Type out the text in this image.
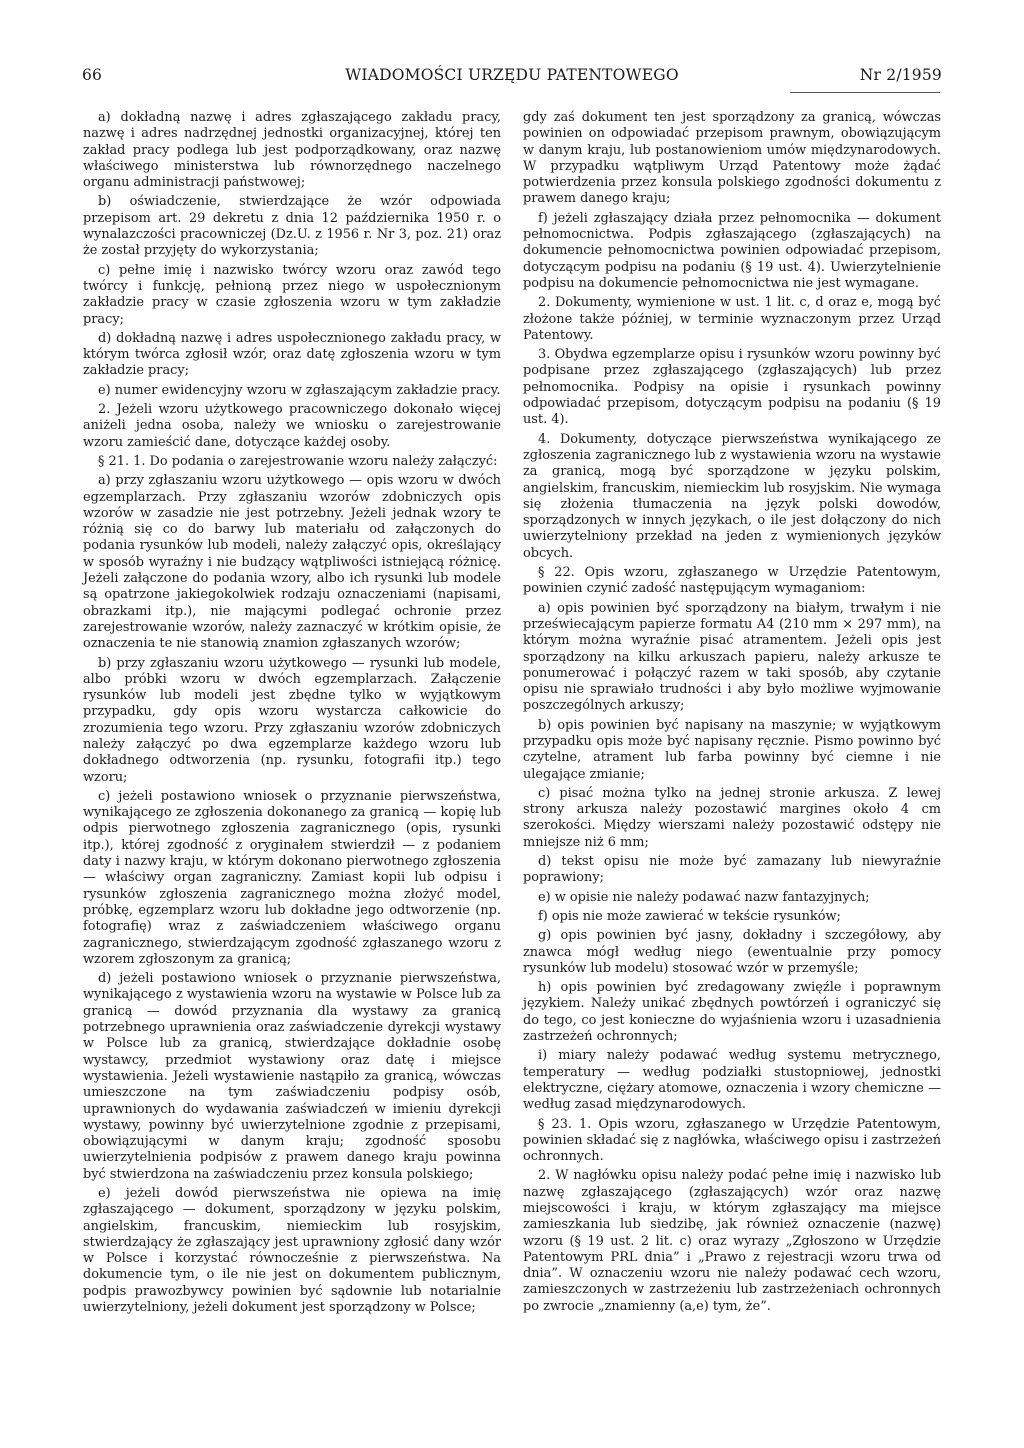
66	WIADOMOŚCI URZĘDU PATENTOWEGO	Nr 2/1959

a) dokładną nazwę i adres zgłaszającego zakładu pracy, nazwę i adres nadrzędnej jednostki organizacyjnej, której ten zakład pracy podlega lub jest podporządkowany, oraz nazwę właściwego ministerstwa lub równorzędnego naczelnego organu administracji państwowej;

b) oświadczenie, stwierdzające że wzór odpowiada przepisom art. 29 dekretu z dnia 12 października 1950 r. o wynalazczości pracowniczej (Dz.U. z 1956 r. Nr 3, poz. 21) oraz że został przyjęty do wykorzystania;

c) pełne imię i nazwisko twórcy wzoru oraz zawód tego twórcy i funkcję, pełnioną przez niego w uspołecznionym zakładzie pracy w czasie zgłoszenia wzoru w tym zakładzie pracy;

d) dokładną nazwę i adres uspołecznionego zakładu pracy, w którym twórca zgłosił wzór, oraz datę zgłoszenia wzoru w tym zakładzie pracy;

e) numer ewidencyjny wzoru w zgłaszającym zakładzie pracy.

2. Jeżeli wzoru użytkowego pracowniczego dokonało więcej aniżeli jedna osoba, należy we wniosku o zarejestrowanie wzoru zamieścić dane, dotyczące każdej osoby.

§ 21. 1. Do podania o zarejestrowanie wzoru należy załączyć:

a) przy zgłaszaniu wzoru użytkowego — opis wzoru w dwóch egzemplarzach. Przy zgłaszaniu wzorów zdobniczych opis wzorów w zasadzie nie jest potrzebny. Jeżeli jednak wzory te różnią się co do barwy lub materiału od załączonych do podania rysunków lub modeli, należy załączyć opis, określający w sposób wyraźny i nie budzący wątpliwości istniejącą różnicę. Jeżeli załączone do podania wzory, albo ich rysunki lub modele są opatrzone jakiegokolwiek rodzaju oznaczeniami (napisami, obrazkami itp.), nie mającymi podlegać ochronie przez zarejestrowanie wzorów, należy zaznaczyć w krótkim opisie, że oznaczenia te nie stanowią znamion zgłaszanych wzorów;

b) przy zgłaszaniu wzoru użytkowego — rysunki lub modele, albo próbki wzoru w dwóch egzemplarzach. Załączenie rysunków lub modeli jest zbędne tylko w wyjątkowym przypadku, gdy opis wzoru wystarcza całkowicie do zrozumienia tego wzoru. Przy zgłaszaniu wzorów zdobniczych należy załączyć po dwa egzemplarze każdego wzoru lub dokładnego odtworzenia (np. rysunku, fotografii itp.) tego wzoru;

c) jeżeli postawiono wniosek o przyznanie pierwszeństwa, wynikającego ze zgłoszenia dokonanego za granicą — kopię lub odpis pierwotnego zgłoszenia zagranicznego (opis, rysunki itp.), której zgodność z oryginałem stwierdził — z podaniem daty i nazwy kraju, w którym dokonano pierwotnego zgłoszenia — właściwy organ zagraniczny. Zamiast kopii lub odpisu i rysunków zgłoszenia zagranicznego można złożyć model, próbkę, egzemplarz wzoru lub dokładne jego odtworzenie (np. fotografię) wraz z zaświadczeniem właściwego organu zagranicznego, stwierdzającym zgodność zgłaszanego wzoru z wzorem zgłoszonym za granicą;

d) jeżeli postawiono wniosek o przyznanie pierwszeństwa, wynikającego z wystawienia wzoru na wystawie w Polsce lub za granicą — dowód przyznania dla wystawy za granicą potrzebnego uprawnienia oraz zaświadczenie dyrekcji wystawy w Polsce lub za granicą, stwierdzające dokładnie osobę wystawcy, przedmiot wystawiony oraz datę i miejsce wystawienia. Jeżeli wystawienie nastąpiło za granicą, wówczas umieszczone na tym zaświadczeniu podpisy osób, uprawnionych do wydawania zaświadczeń w imieniu dyrekcji wystawy, powinny być uwierzytelnione zgodnie z przepisami, obowiązującymi w danym kraju; zgodność sposobu uwierzytelnienia podpisów z prawem danego kraju powinna być stwierdzona na zaświadczeniu przez konsula polskiego;

e) jeżeli dowód pierwszeństwa nie opiewa na imię zgłaszającego — dokument, sporządzony w języku polskim, angielskim, francuskim, niemieckim lub rosyjskim, stwierdzający że zgłaszający jest uprawniony zgłosić dany wzór w Polsce i korzystać równocześnie z pierwszeństwa. Na dokumencie tym, o ile nie jest on dokumentem publicznym, podpis prawozbywcy powinien być sądownie lub notarialnie uwierzytelniony, jeżeli dokument jest sporządzony w Polsce;

gdy zaś dokument ten jest sporządzony za granicą, wówczas powinien on odpowiadać przepisom prawnym, obowiązującym w danym kraju, lub postanowieniom umów międzynarodowych. W przypadku wątpliwym Urząd Patentowy może żądać potwierdzenia przez konsula polskiego zgodności dokumentu z prawem danego kraju;

f) jeżeli zgłaszający działa przez pełnomocnika — dokument pełnomocnictwa. Podpis zgłaszającego (zgłaszających) na dokumencie pełnomocnictwa powinien odpowiadać przepisom, dotyczącym podpisu na podaniu (§ 19 ust. 4). Uwierzytelnienie podpisu na dokumencie pełnomocnictwa nie jest wymagane.

2. Dokumenty, wymienione w ust. 1 lit. c, d oraz e, mogą być złożone także później, w terminie wyznaczonym przez Urząd Patentowy.

3. Obydwa egzemplarze opisu i rysunków wzoru powinny być podpisane przez zgłaszającego (zgłaszających) lub przez pełnomocnika. Podpisy na opisie i rysunkach powinny odpowiadać przepisom, dotyczącym podpisu na podaniu (§ 19 ust. 4).

4. Dokumenty, dotyczące pierwszeństwa wynikającego ze zgłoszenia zagranicznego lub z wystawienia wzoru na wystawie za granicą, mogą być sporządzone w języku polskim, angielskim, francuskim, niemieckim lub rosyjskim. Nie wymaga się złożenia tłumaczenia na język polski dowodów, sporządzonych w innych językach, o ile jest dołączony do nich uwierzytelniony przekład na jeden z wymienionych języków obcych.

§ 22. Opis wzoru, zgłaszanego w Urzędzie Patentowym, powinien czynić zadość następującym wymaganiom:

a) opis powinien być sporządzony na białym, trwałym i nie przeświecającym papierze formatu A4 (210 mm × 297 mm), na którym można wyraźnie pisać atramentem. Jeżeli opis jest sporządzony na kilku arkuszach papieru, należy arkusze te ponumerować i połączyć razem w taki sposób, aby czytanie opisu nie sprawiało trudności i aby było możliwe wyjmowanie poszczególnych arkuszy;

b) opis powinien być napisany na maszynie; w wyjątkowym przypadku opis może być napisany ręcznie. Pismo powinno być czytelne, atrament lub farba powinny być ciemne i nie ulegające zmianie;

c) pisać można tylko na jednej stronie arkusza. Z lewej strony arkusza należy pozostawić margines około 4 cm szerokości. Między wierszami należy pozostawić odstępy nie mniejsze niż 6 mm;

d) tekst opisu nie może być zamazany lub niewyraźnie poprawiony;

e) w opisie nie należy podawać nazw fantazyjnych;

f) opis nie może zawierać w tekście rysunków;

g) opis powinien być jasny, dokładny i szczegółowy, aby znawca mógł według niego (ewentualnie przy pomocy rysunków lub modelu) stosować wzór w przemyśle;

h) opis powinien być zredagowany zwięźle i poprawnym językiem. Należy unikać zbędnych powtórzeń i ograniczyć się do tego, co jest konieczne do wyjaśnienia wzoru i uzasadnienia zastrzeżeń ochronnych;

i) miary należy podawać według systemu metrycznego, temperatury — według podziałki stustopniowej, jednostki elektryczne, ciężary atomowe, oznaczenia i wzory chemiczne — według zasad międzynarodowych.

§ 23. 1. Opis wzoru, zgłaszanego w Urzędzie Patentowym, powinien składać się z nagłówka, właściwego opisu i zastrzeżeń ochronnych.

2. W nagłówku opisu należy podać pełne imię i nazwisko lub nazwę zgłaszającego (zgłaszających) wzór oraz nazwę miejscowości i kraju, w którym zgłaszający ma miejsce zamieszkania lub siedzibę, jak również oznaczenie (nazwę) wzoru (§ 19 ust. 2 lit. c) oraz wyrazy „Zgłoszono w Urzędzie Patentowym PRL dnia” i „Prawo z rejestracji wzoru trwa od dnia”. W oznaczeniu wzoru nie należy podawać cech wzoru, zamieszczonych w zastrzeżeniu lub zastrzeżeniach ochronnych po zwrocie „znamienny (a,e) tym, że”.
